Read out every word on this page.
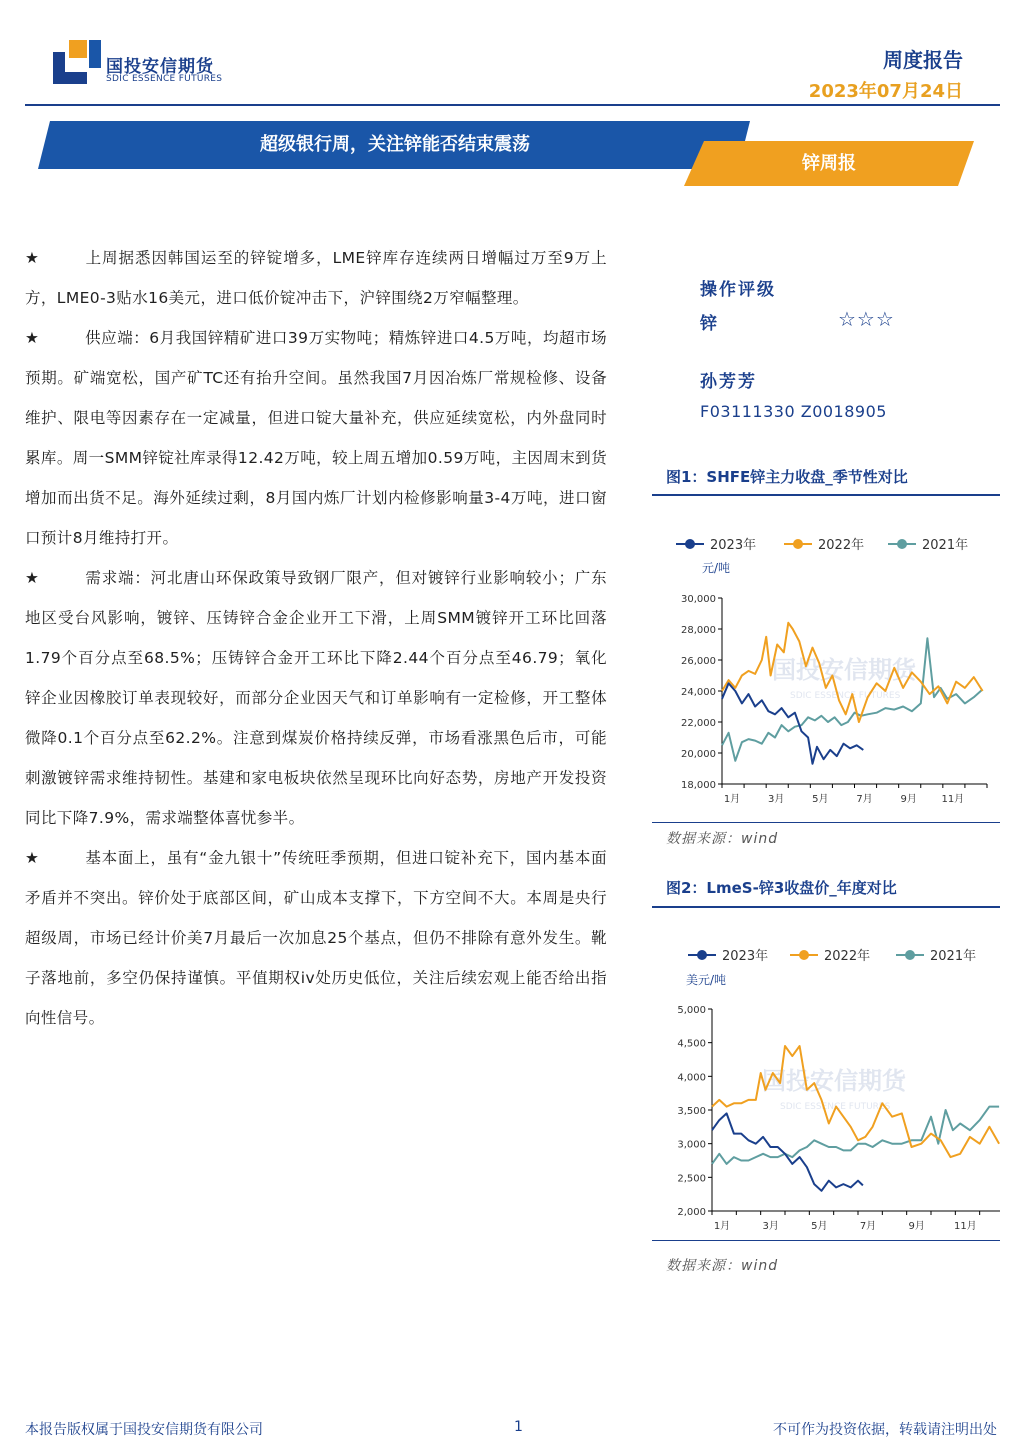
国投安信期货
SDIC ESSENCE FUTURES
周度报告
2023年07月24日
超级银行周，关注锌能否结束震荡
锌周报

★	上周据悉因韩国运至的锌锭增多，LME锌库存连续两日增幅过万至9万上方，LME0-3贴水16美元，进口低价锭冲击下，沪锌围绕2万窄幅整理。

★	供应端：6月我国锌精矿进口39万实物吨；精炼锌进口4.5万吨，均超市场预期。矿端宽松，国产矿TC还有抬升空间。虽然我国7月因冶炼厂常规检修、设备维护、限电等因素存在一定减量，但进口锭大量补充，供应延续宽松，内外盘同时累库。周一SMM锌锭社库录得12.42万吨，较上周五增加0.59万吨，主因周末到货增加而出货不足。海外延续过剩，8月国内炼厂计划内检修影响量3-4万吨，进口窗口预计8月维持打开。

★	需求端：河北唐山环保政策导致钢厂限产，但对镀锌行业影响较小；广东地区受台风影响，镀锌、压铸锌合金企业开工下滑，上周SMM镀锌开工环比回落1.79个百分点至68.5%；压铸锌合金开工环比下降2.44个百分点至46.79；氧化锌企业因橡胶订单表现较好，而部分企业因天气和订单影响有一定检修，开工整体微降0.1个百分点至62.2%。注意到煤炭价格持续反弹，市场看涨黑色后市，可能刺激镀锌需求维持韧性。基建和家电板块依然呈现环比向好态势，房地产开发投资同比下降7.9%，需求端整体喜忧参半。

★	基本面上，虽有“金九银十”传统旺季预期，但进口锭补充下，国内基本面矛盾并不突出。锌价处于底部区间，矿山成本支撑下，下方空间不大。本周是央行超级周，市场已经计价美7月最后一次加息25个基点，但仍不排除有意外发生。靴子落地前，多空仍保持谨慎。平值期权iv处历史低位，关注后续宏观上能否给出指向性信号。

操作评级
锌	☆☆☆
孙芳芳
F03111330 Z0018905
图1：SHFE锌主力收盘_季节性对比
国投安信期货
SDIC ESSENCE FUTURES
2023年	2022年	2021年
元/吨
18,000
20,000
22,000
24,000
26,000
28,000
30,000
1月	3月	5月	7月	9月 11月
数据来源：wind
图2：LmeS-锌3收盘价_年度对比
国投安信期货
SDIC ESSENCE FUTURES
2023年	2022年	2021年
美元/吨
2,000
2,500
3,000
3,500
4,000
4,500
5,000
1月	3月	5月	7月	9月	11月
数据来源：wind
本报告版权属于国投安信期货有限公司	1	不可作为投资依据，转载请注明出处
